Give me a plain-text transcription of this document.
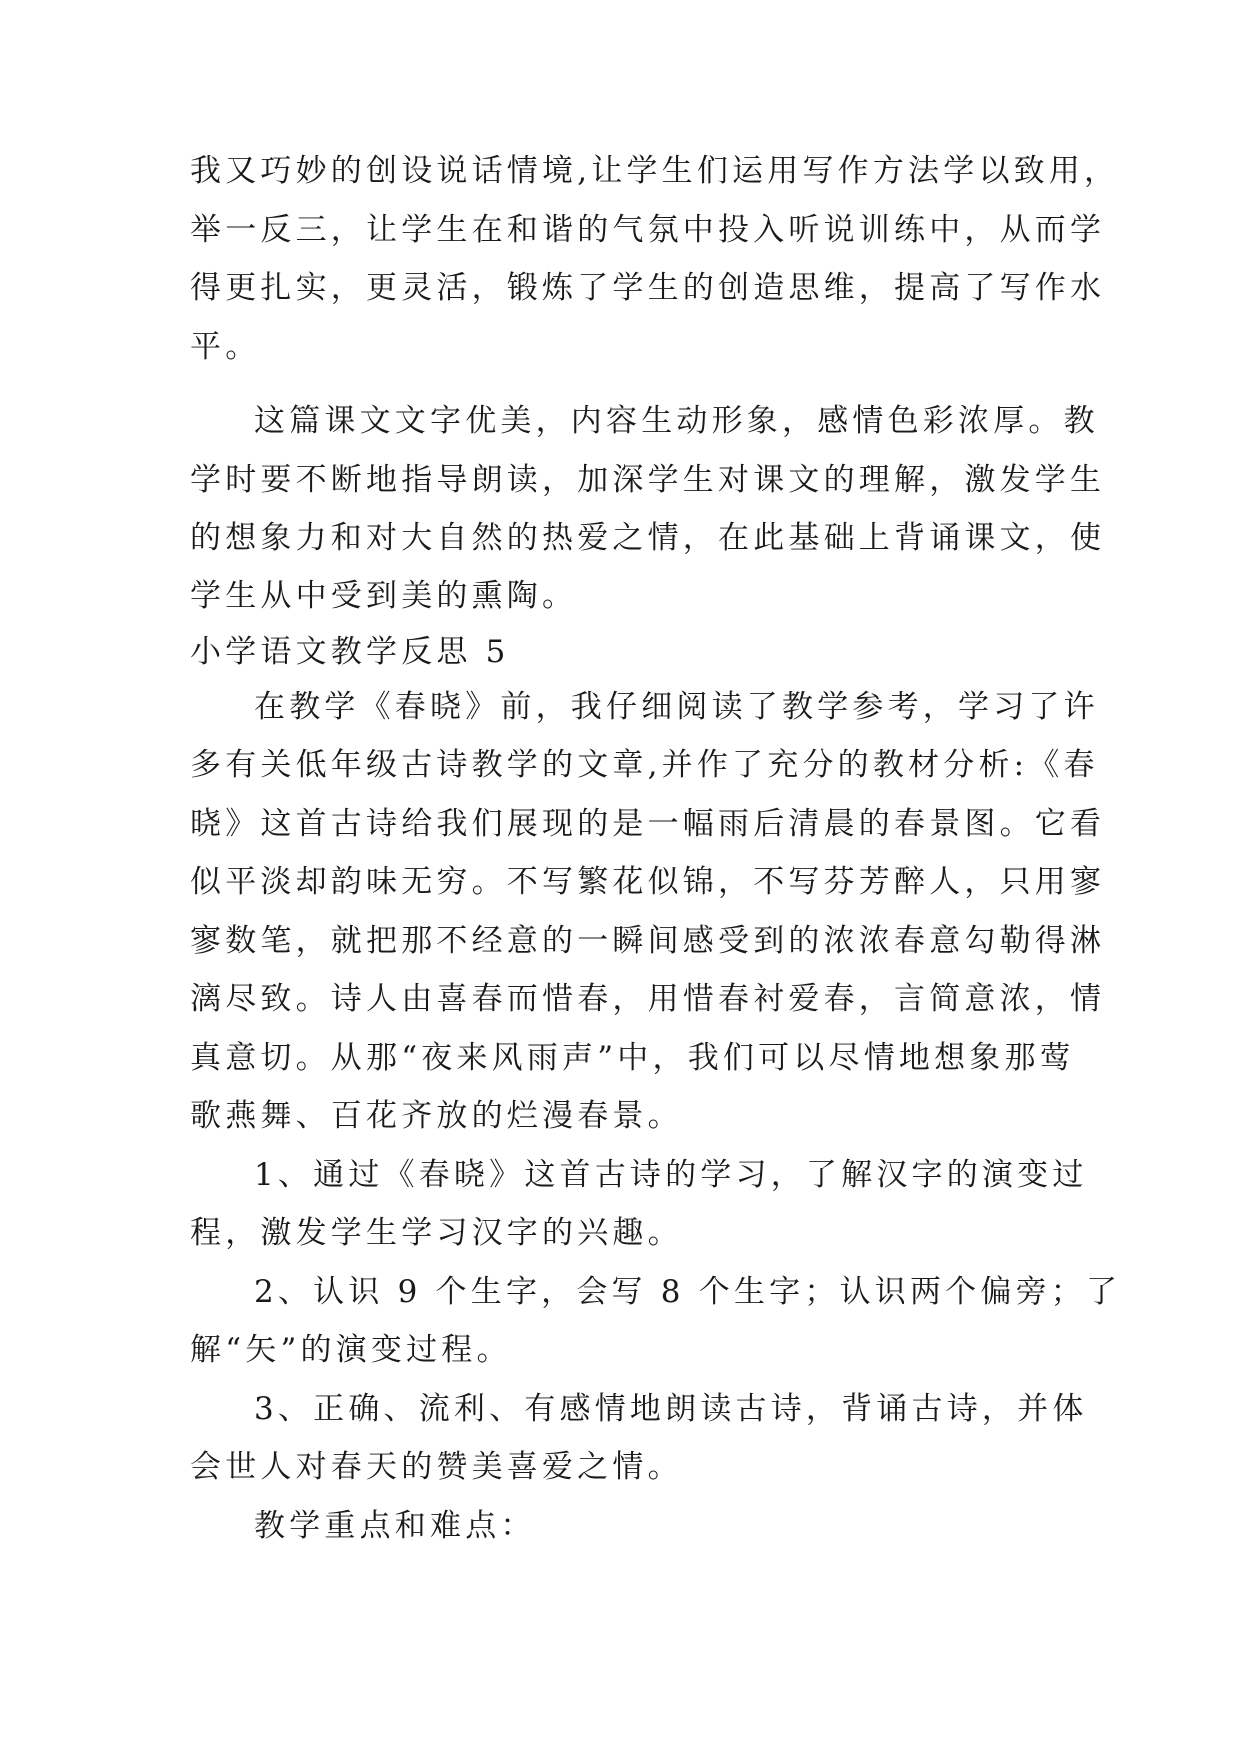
我又巧妙的创设说话情境,让学生们运用写作方法学以致用，
举一反三，让学生在和谐的气氛中投入听说训练中，从而学
得更扎实，更灵活，锻炼了学生的创造思维，提高了写作水
平。
这篇课文文字优美，内容生动形象，感情色彩浓厚。教
学时要不断地指导朗读，加深学生对课文的理解，激发学生
的想象力和对大自然的热爱之情，在此基础上背诵课文，使
学生从中受到美的熏陶。
小学语文教学反思 5
在教学《春晓》前，我仔细阅读了教学参考，学习了许
多有关低年级古诗教学的文章,并作了充分的教材分析:《春
晓》这首古诗给我们展现的是一幅雨后清晨的春景图。它看
似平淡却韵味无穷。不写繁花似锦，不写芬芳醉人，只用寥
寥数笔，就把那不经意的一瞬间感受到的浓浓春意勾勒得淋
漓尽致。诗人由喜春而惜春，用惜春衬爱春，言简意浓，情
真意切。从那“夜来风雨声”中，我们可以尽情地想象那莺
歌燕舞、百花齐放的烂漫春景。
1、通过《春晓》这首古诗的学习，了解汉字的演变过
程，激发学生学习汉字的兴趣。
2、认识 9 个生字，会写 8 个生字；认识两个偏旁；了
解“矢”的演变过程。
3、正确、流利、有感情地朗读古诗，背诵古诗，并体
会世人对春天的赞美喜爱之情。
教学重点和难点：
